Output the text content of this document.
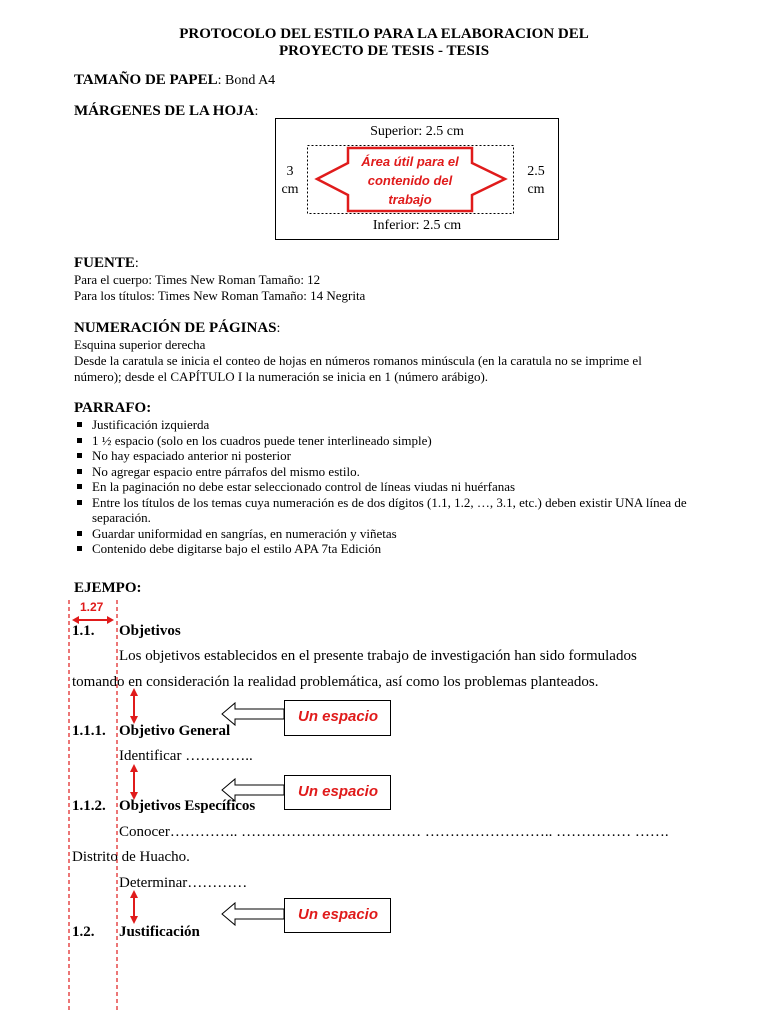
PROTOCOLO DEL ESTILO PARA LA ELABORACION DEL
PROYECTO DE TESIS - TESIS
TAMAÑO DE PAPEL: Bond A4
MÁRGENES DE LA HOJA:
Superior: 2.5 cm
Inferior: 2.5 cm
3
cm
2.5
cm
Área útil para el
contenido del
trabajo
FUENTE:
Para el cuerpo: Times New Roman Tamaño: 12
Para los títulos: Times New Roman Tamaño: 14 Negrita
NUMERACIÓN DE PÁGINAS:
Esquina superior derecha
Desde la caratula se inicia el conteo de hojas en números romanos minúscula (en la caratula no se imprime el
número); desde el CAPÍTULO I la numeración se inicia en 1 (número arábigo).
PARRAFO:
Justificación izquierda
1 ½ espacio (solo en los cuadros puede tener interlineado simple)
No hay espaciado anterior ni posterior
No agregar espacio entre párrafos del mismo estilo.
En la paginación no debe estar seleccionado control de líneas viudas ni huérfanas
Entre los títulos de los temas cuya numeración es de dos dígitos (1.1, 1.2, …, 3.1, etc.) deben existir UNA línea de separación.
Guardar uniformidad en sangrías, en numeración y viñetas
Contenido debe digitarse bajo el estilo APA 7ta Edición
EJEMPO:
1.27
Un espacio
Un espacio
Un espacio
1.1. Objetivos
Los objetivos establecidos en el presente trabajo de investigación han sido formulados
tomando en consideración la realidad problemática, así como los problemas planteados.
1.1.1. Objetivo General
Identificar …………..
1.1.2. Objetivos Específicos
Conocer………….. ……………………………… …………………….. …………… …….
Distrito de Huacho.
Determinar…………
1.2. Justificación
